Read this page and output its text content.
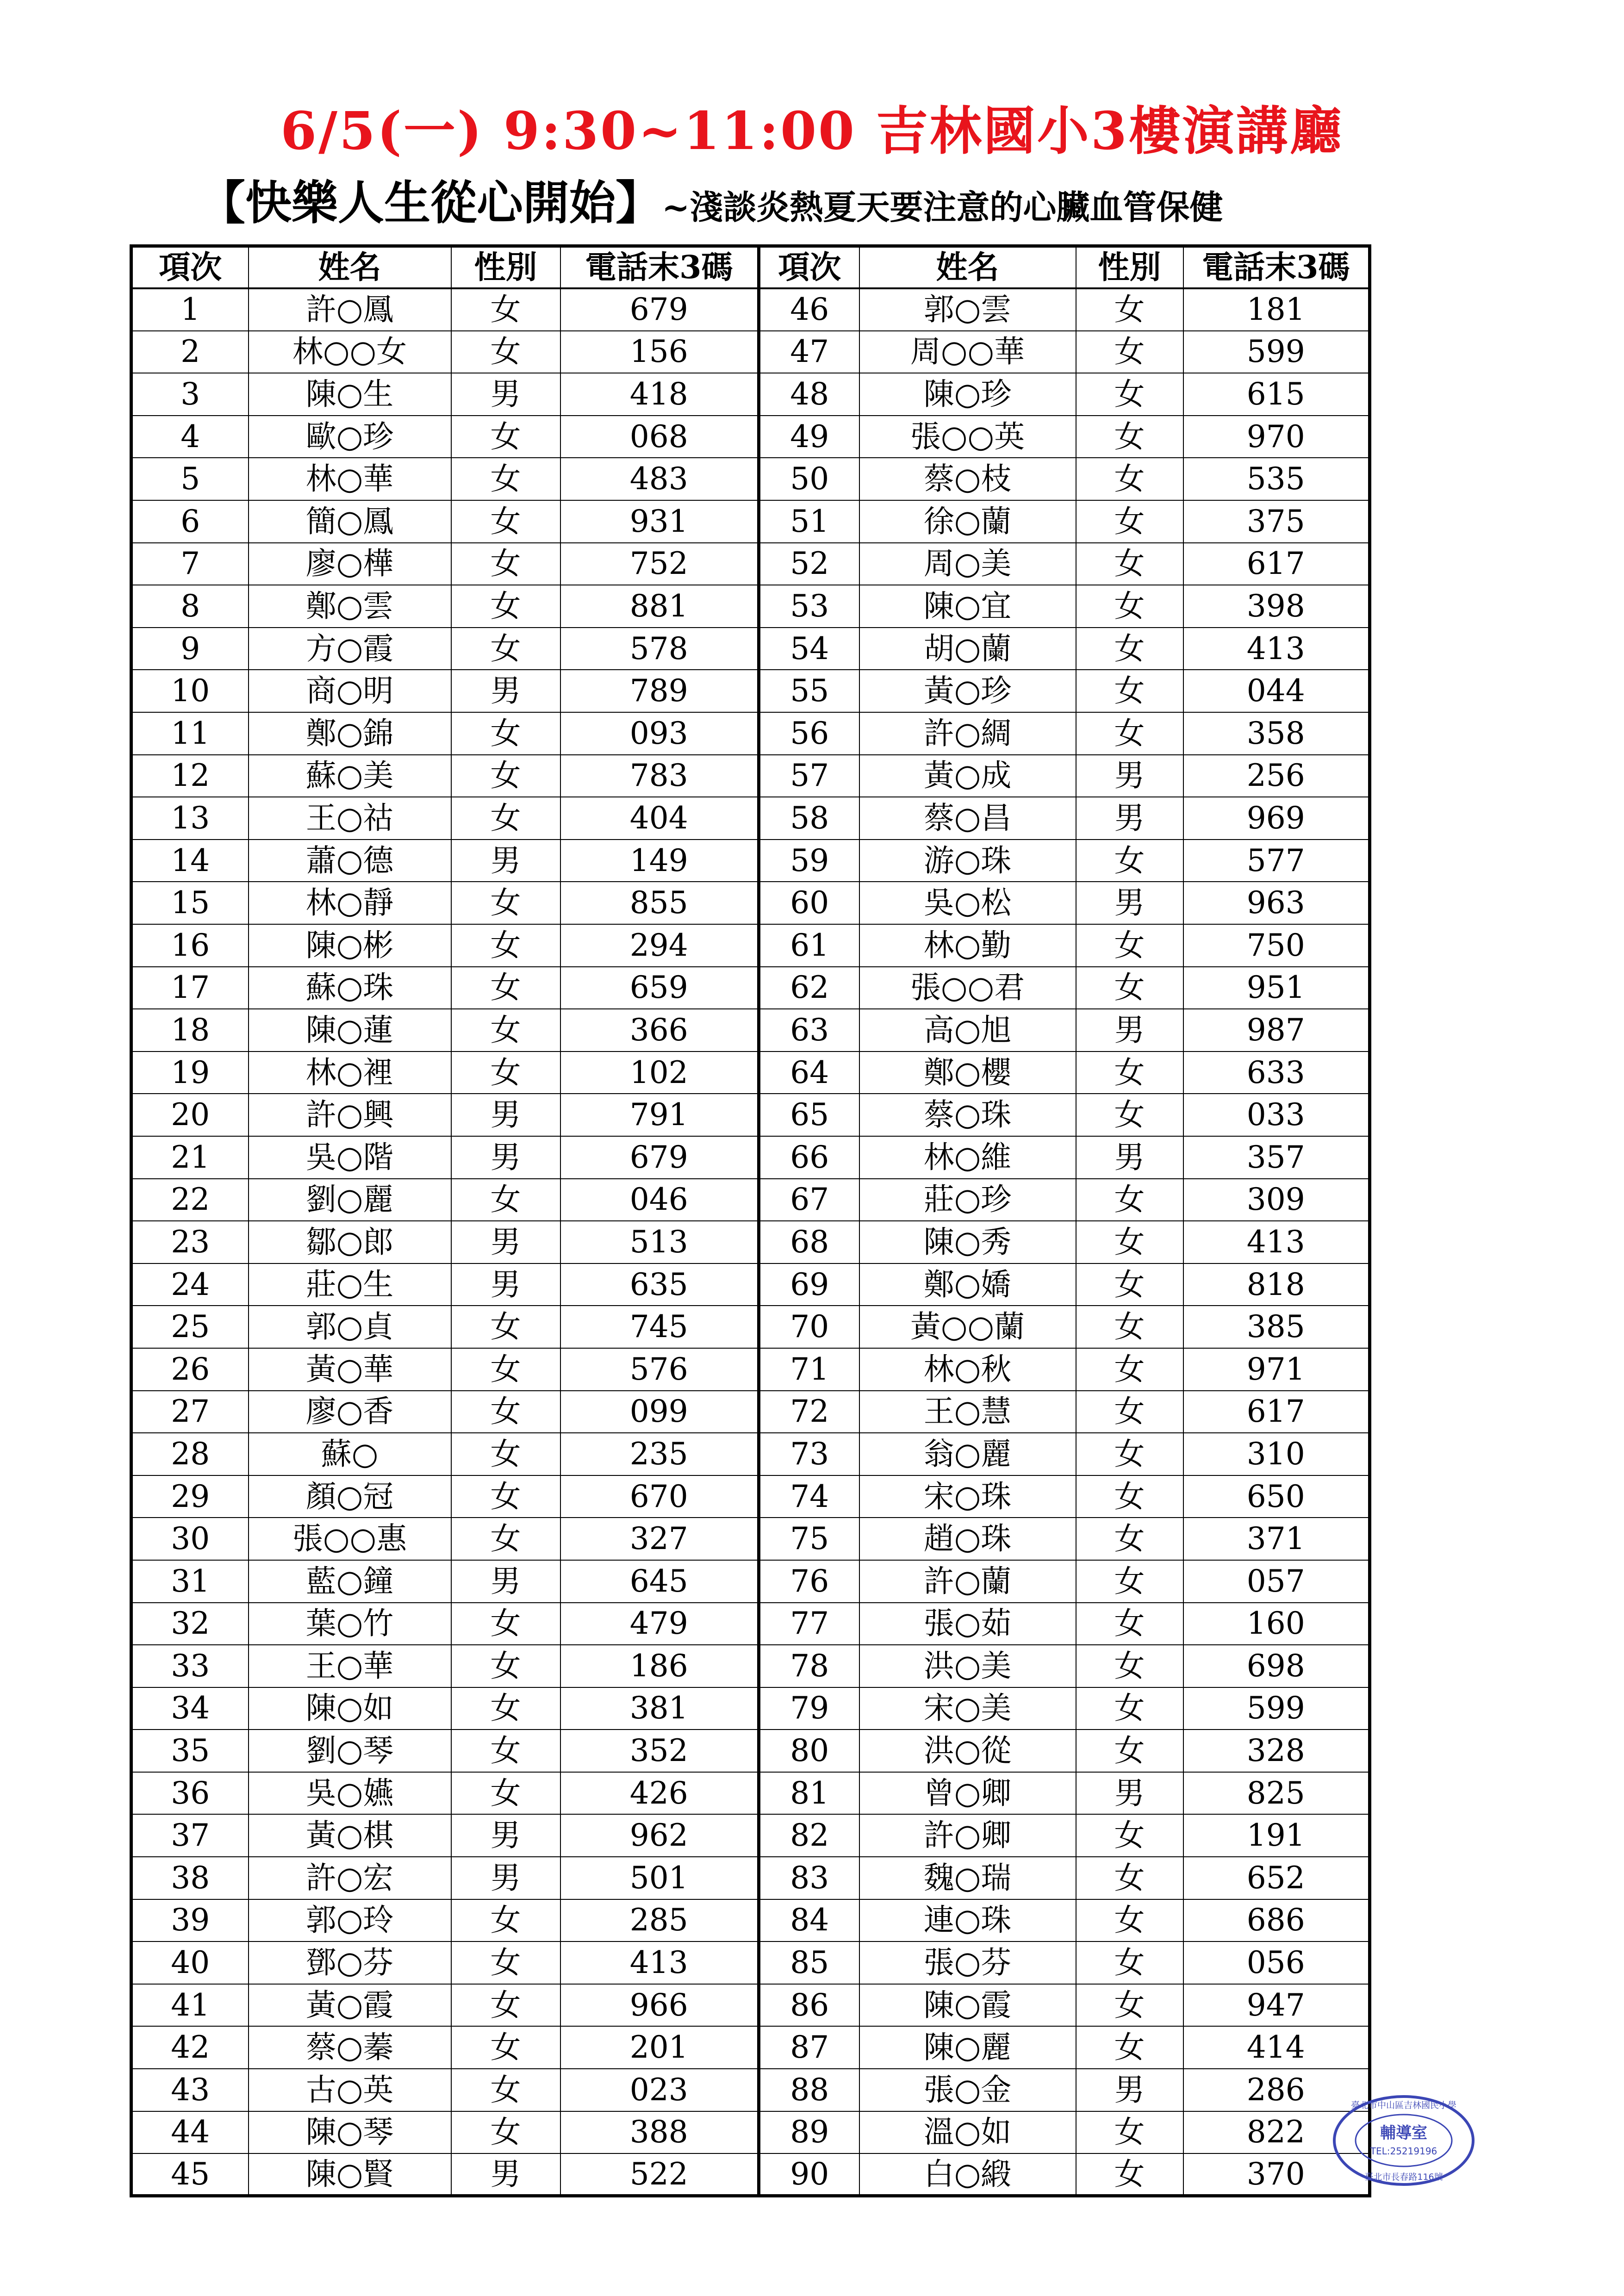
6/5(一) 9:30~11:00 吉林國小3樓演講廳
【快樂人生從心開始】~淺談炎熱夏天要注意的心臟血管保健
項次	姓名	性別	電話末3碼	項次	姓名	性別	電話末3碼
1	許○鳳	女	679	46	郭○雲	女	181
2	林○○女	女	156	47	周○○華	女	599
3	陳○生	男	418	48	陳○珍	女	615
4	歐○珍	女	068	49	張○○英	女	970
5	林○華	女	483	50	蔡○枝	女	535
6	簡○鳳	女	931	51	徐○蘭	女	375
7	廖○樺	女	752	52	周○美	女	617
8	鄭○雲	女	881	53	陳○宜	女	398
9	方○霞	女	578	54	胡○蘭	女	413
10	商○明	男	789	55	黃○珍	女	044
11	鄭○錦	女	093	56	許○綢	女	358
12	蘇○美	女	783	57	黃○成	男	256
13	王○祜	女	404	58	蔡○昌	男	969
14	蕭○德	男	149	59	游○珠	女	577
15	林○靜	女	855	60	吳○松	男	963
16	陳○彬	女	294	61	林○勤	女	750
17	蘇○珠	女	659	62	張○○君	女	951
18	陳○蓮	女	366	63	高○旭	男	987
19	林○裡	女	102	64	鄭○櫻	女	633
20	許○興	男	791	65	蔡○珠	女	033
21	吳○階	男	679	66	林○維	男	357
22	劉○麗	女	046	67	莊○珍	女	309
23	鄒○郎	男	513	68	陳○秀	女	413
24	莊○生	男	635	69	鄭○嬌	女	818
25	郭○貞	女	745	70	黃○○蘭	女	385
26	黃○華	女	576	71	林○秋	女	971
27	廖○香	女	099	72	王○慧	女	617
28	蘇○	女	235	73	翁○麗	女	310
29	顏○冠	女	670	74	宋○珠	女	650
30	張○○惠	女	327	75	趙○珠	女	371
31	藍○鐘	男	645	76	許○蘭	女	057
32	葉○竹	女	479	77	張○茹	女	160
33	王○華	女	186	78	洪○美	女	698
34	陳○如	女	381	79	宋○美	女	599
35	劉○琴	女	352	80	洪○從	女	328
36	吳○嬿	女	426	81	曾○卿	男	825
37	黃○棋	男	962	82	許○卿	女	191
38	許○宏	男	501	83	魏○瑞	女	652
39	郭○玲	女	285	84	連○珠	女	686
40	鄧○芬	女	413	85	張○芬	女	056
41	黃○霞	女	966	86	陳○霞	女	947
42	蔡○蓁	女	201	87	陳○麗	女	414
43	古○英	女	023	88	張○金	男	286
44	陳○琴	女	388	89	溫○如	女	822
45	陳○賢	男	522	90	白○緞	女	370
臺北市中山區吉林國民小學
輔導室
TEL:25219196
臺北市長春路116號
